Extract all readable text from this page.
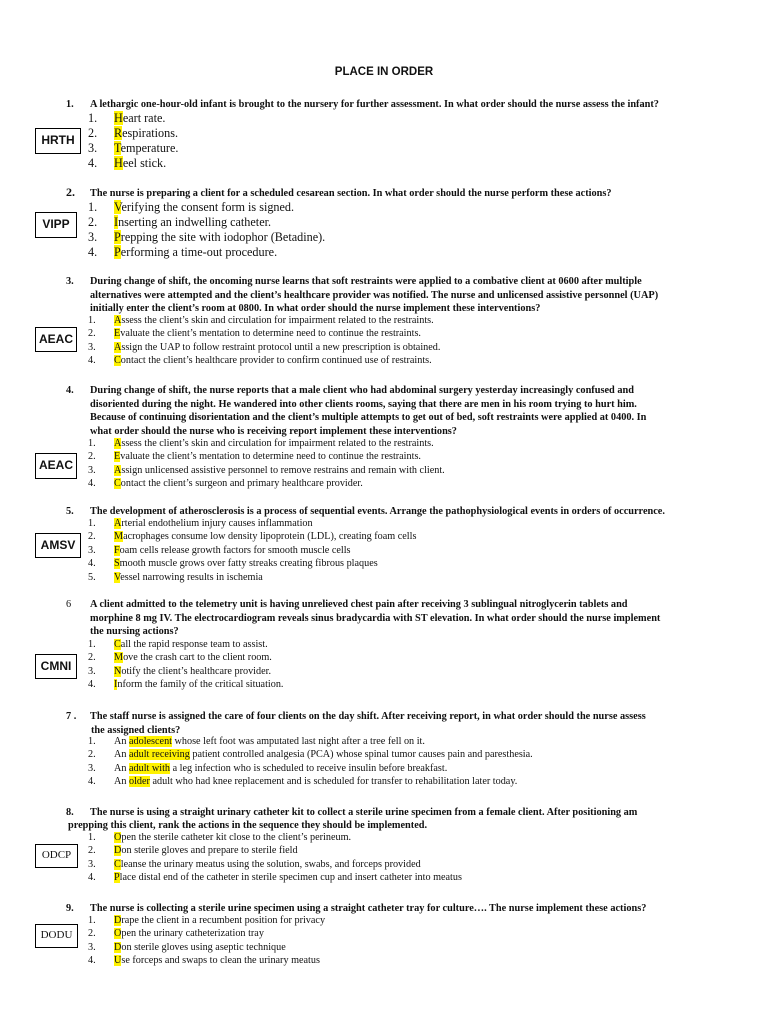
PLACE IN ORDER
1. A lethargic one-hour-old infant is brought to the nursery for further assessment. In what order should the nurse assess the infant?
HRTH
1. Heart rate.
2. Respirations.
3. Temperature.
4. Heel stick.
2. The nurse is preparing a client for a scheduled cesarean section. In what order should the nurse perform these actions?
VIPP
1. Verifying the consent form is signed.
2. Inserting an indwelling catheter.
3. Prepping the site with iodophor (Betadine).
4. Performing a time-out procedure.
3. During change of shift, the oncoming nurse learns that soft restraints were applied to a combative client at 0600 after multiple
alternatives were attempted and the client’s healthcare provider was notified. The nurse and unlicensed assistive personnel (UAP)
initially enter the client’s room at 0800. In what order should the nurse implement these interventions?
AEAC
1. Assess the client’s skin and circulation for impairment related to the restraints.
2. Evaluate the client’s mentation to determine need to continue the restraints.
3. Assign the UAP to follow restraint protocol until a new prescription is obtained.
4. Contact the client’s healthcare provider to confirm continued use of restraints.
4. During change of shift, the nurse reports that a male client who had abdominal surgery yesterday increasingly confused and
disoriented during the night. He wandered into other clients rooms, saying that there are men in his room trying to hurt him.
Because of continuing disorientation and the client’s multiple attempts to get out of bed, soft restraints were applied at 0400. In
what order should the nurse who is receiving report implement these interventions?
AEAC
1. Assess the client’s skin and circulation for impairment related to the restraints.
2. Evaluate the client’s mentation to determine need to continue the restraints.
3. Assign unlicensed assistive personnel to remove restrains and remain with client.
4. Contact the client’s surgeon and primary healthcare provider.
5. The development of atherosclerosis is a process of sequential events. Arrange the pathophysiological events in orders of occurrence.
AMSV
1. Arterial endothelium injury causes inflammation
2. Macrophages consume low density lipoprotein (LDL), creating foam cells
3. Foam cells release growth factors for smooth muscle cells
4. Smooth muscle grows over fatty streaks creating fibrous plaques
5. Vessel narrowing results in ischemia
6 A client admitted to the telemetry unit is having unrelieved chest pain after receiving 3 sublingual nitroglycerin tablets and
morphine 8 mg IV. The electrocardiogram reveals sinus bradycardia with ST elevation. In what order should the nurse implement
the nursing actions?
CMNI
1. Call the rapid response team to assist.
2. Move the crash cart to the client room.
3. Notify the client’s healthcare provider.
4. Inform the family of the critical situation.
7 . The staff nurse is assigned the care of four clients on the day shift. After receiving report, in what order should the nurse assess
the assigned clients?
1. An adolescent whose left foot was amputated last night after a tree fell on it.
2. An adult receiving patient controlled analgesia (PCA) whose spinal tumor causes pain and paresthesia.
3. An adult with a leg infection who is scheduled to receive insulin before breakfast.
4. An older adult who had knee replacement and is scheduled for transfer to rehabilitation later today.
8. The nurse is using a straight urinary catheter kit to collect a sterile urine specimen from a female client. After positioning am
prepping this client, rank the actions in the sequence they should be implemented.
ODCP
1. Open the sterile catheter kit close to the client’s perineum.
2. Don sterile gloves and prepare to sterile field
3. Cleanse the urinary meatus using the solution, swabs, and forceps provided
4. Place distal end of the catheter in sterile specimen cup and insert catheter into meatus
9. The nurse is collecting a sterile urine specimen using a straight catheter tray for culture…. The nurse implement these actions?
DODU
1. Drape the client in a recumbent position for privacy
2. Open the urinary catheterization tray
3. Don sterile gloves using aseptic technique
4. Use forceps and swaps to clean the urinary meatus
